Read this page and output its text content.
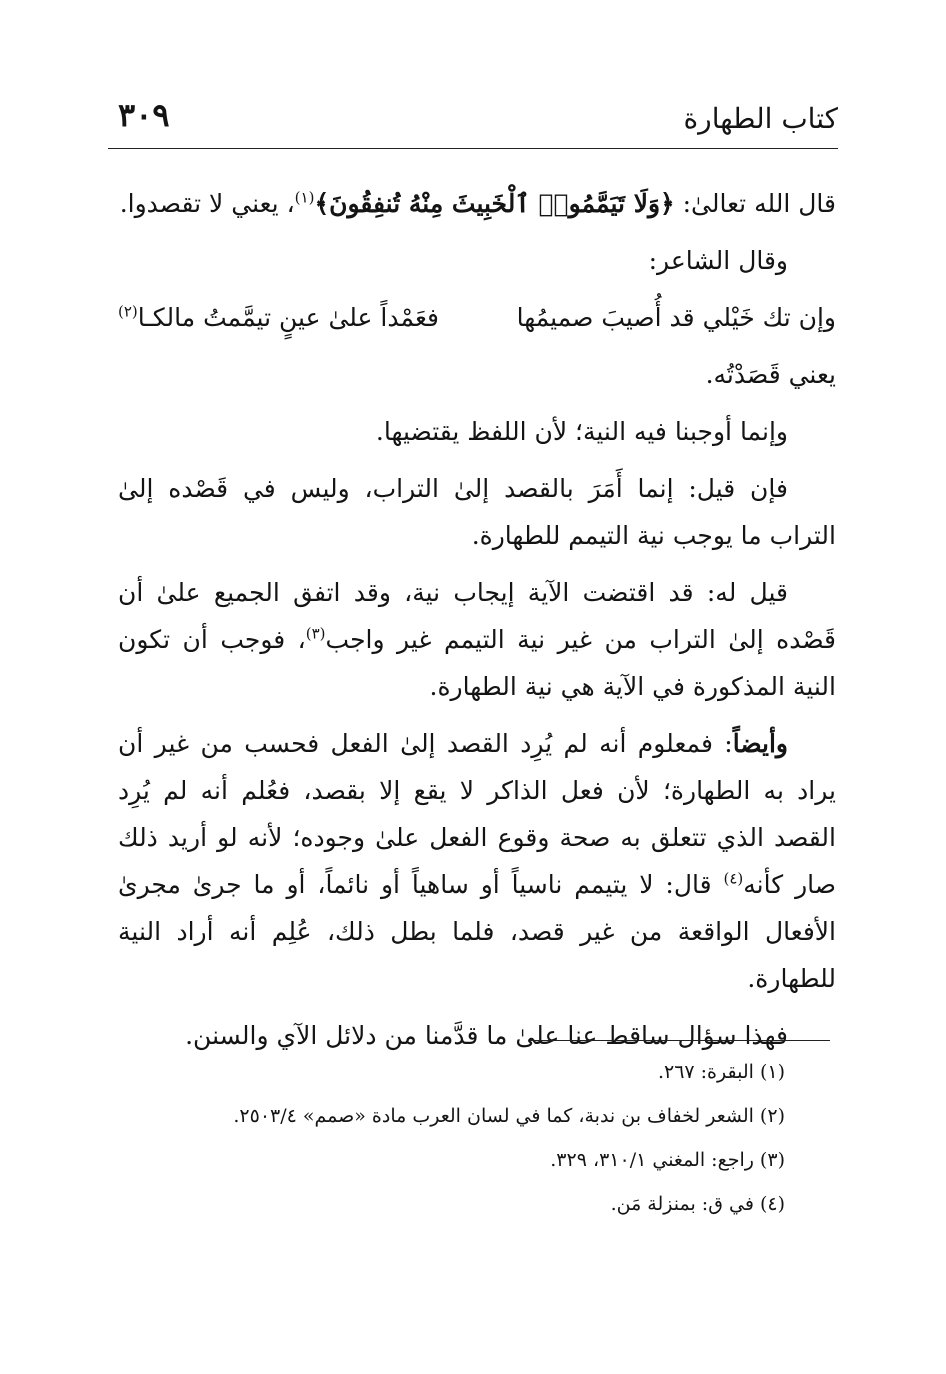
كتاب الطهارة
٣٠٩

قال الله تعالىٰ: ﴿وَلَا تَيَمَّمُوا۟ ٱلْخَبِيثَ مِنْهُ تُنفِقُونَ﴾$^{(١)}$، يعني لا تقصدوا.

وقال الشاعر:

وإن تك خَيْلي قد أُصيبَ صميمُها
فعَمْداً علىٰ عينٍ تيمَّمتُ مالكـا$^{(٢)}$

يعني قَصَدْتُه.

وإنما أوجبنا فيه النية؛ لأن اللفظ يقتضيها.

فإن قيل: إنما أَمَرَ بالقصد إلىٰ التراب، وليس في قَصْده إلىٰ التراب ما يوجب نية التيمم للطهارة.

قيل له: قد اقتضت الآية إيجاب نية، وقد اتفق الجميع علىٰ أن قَصْده إلىٰ التراب من غير نية التيمم غير واجب$^{(٣)}$، فوجب أن تكون النية المذكورة في الآية هي نية الطهارة.

وأيضاً: فمعلوم أنه لم يُرِد القصد إلىٰ الفعل فحسب من غير أن يراد به الطهارة؛ لأن فعل الذاكر لا يقع إلا بقصد، فعُلم أنه لم يُرِد القصد الذي تتعلق به صحة وقوع الفعل علىٰ وجوده؛ لأنه لو أريد ذلك صار كأنه$^{(٤)}$ قال: لا يتيمم ناسياً أو ساهياً أو نائماً، أو ما جرىٰ مجرىٰ الأفعال الواقعة من غير قصد، فلما بطل ذلك، عُلِم أنه أراد النية للطهارة.

فهذا سؤال ساقط عنا علىٰ ما قدَّمنا من دلائل الآي والسنن.

(١) البقرة: ٢٦٧.
(٢) الشعر لخفاف بن ندبة، كما في لسان العرب مادة «صمم» ٢٥٠٣/٤.
(٣) راجع: المغني ٣١٠/١، ٣٢٩.
(٤) في ق: بمنزلة مَن.
